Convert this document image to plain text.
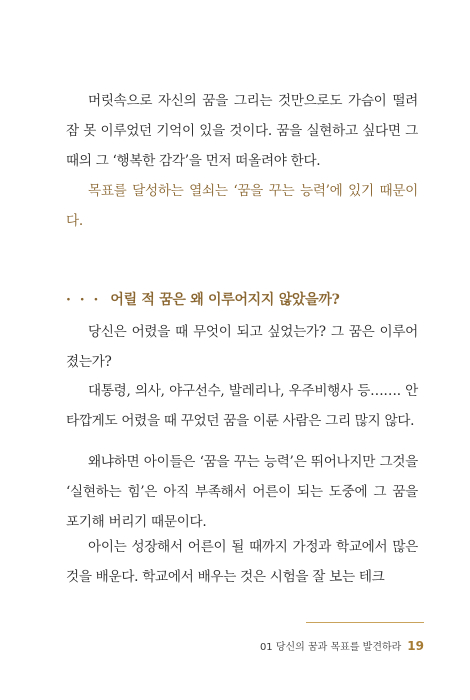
머릿속으로 자신의 꿈을 그리는 것만으로도 가슴이 떨려 잠 못 이루었던 기억이 있을 것이다. 꿈을 실현하고 싶다면 그때의 그 ‘행복한 감각’을 먼저 떠올려야 한다.

목표를 달성하는 열쇠는 ‘꿈을 꾸는 능력’에 있기 때문이다.

· · · 어릴 적 꿈은 왜 이루어지지 않았을까?

당신은 어렸을 때 무엇이 되고 싶었는가? 그 꿈은 이루어졌는가?

대통령, 의사, 야구선수, 발레리나, 우주비행사 등……. 안타깝게도 어렸을 때 꾸었던 꿈을 이룬 사람은 그리 많지 않다.

왜냐하면 아이들은 ‘꿈을 꾸는 능력’은 뛰어나지만 그것을 ‘실현하는 힘’은 아직 부족해서 어른이 되는 도중에 그 꿈을 포기해 버리기 때문이다.

아이는 성장해서 어른이 될 때까지 가정과 학교에서 많은 것을 배운다. 학교에서 배우는 것은 시험을 잘 보는 테크

01 당신의 꿈과 목표를 발견하라 19
